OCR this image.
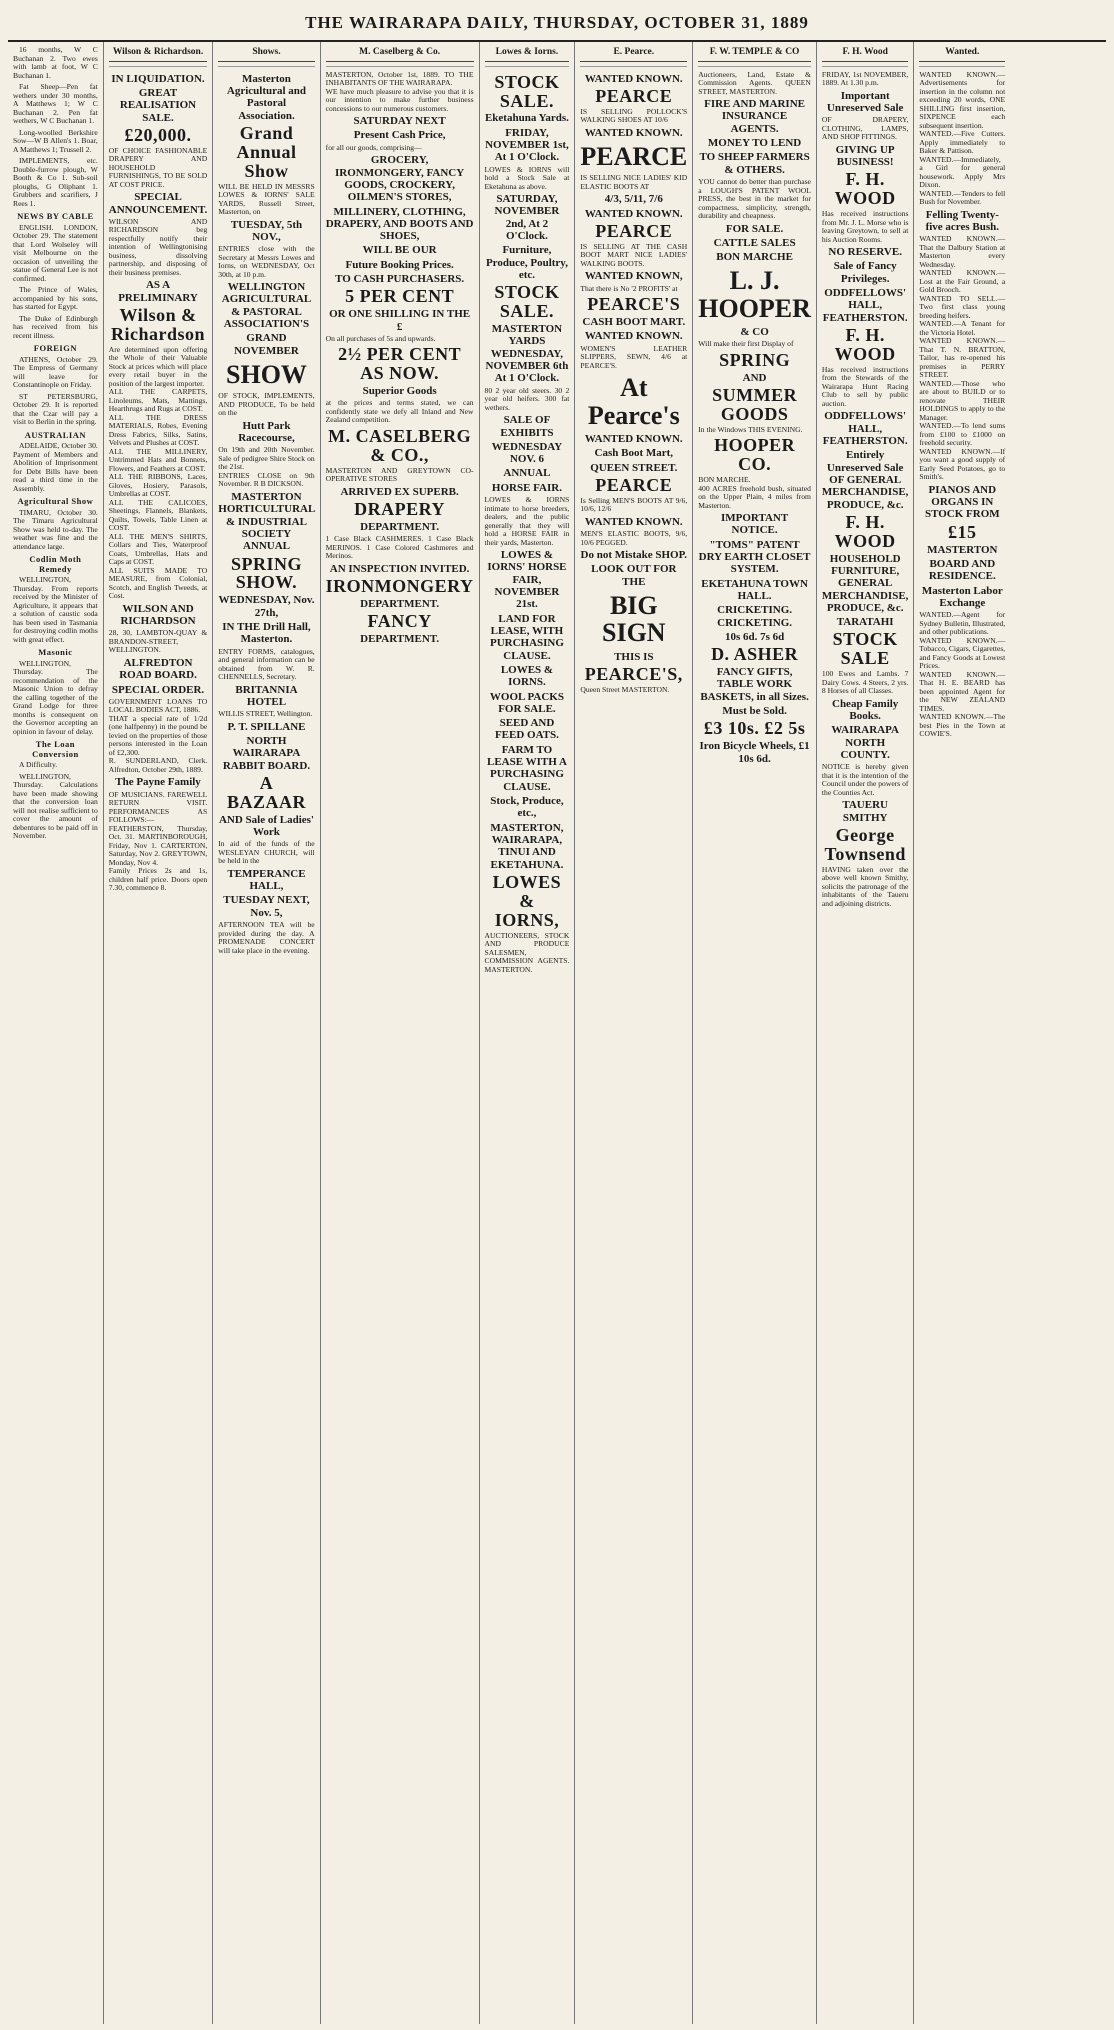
THE WAIRARAPA DAILY, THURSDAY, OCTOBER 31, 1889

16 months, W C Buchanan 2. Two ewes with lamb at foot, W C Buchanan 1.

Fat Sheep—Pen fat wethers under 30 months, A Matthews 1; W C Buchanan 2. Pen fat wethers, W C Buchanan 1.

Long-woolled Berkshire Sow—W B Allen's 1. Boar, A Matthews 1; Trussell 2.

IMPLEMENTS, etc. Double-furrow plough, W Booth & Co 1. Sub-soil ploughs, G Oliphant 1. Grubbers and scarifiers, J Rees 1.

NEWS BY CABLE

ENGLISH. LONDON, October 29. The statement that Lord Wolseley will visit Melbourne on the occasion of unveiling the statue of General Lee is not confirmed.

The Prince of Wales, accompanied by his sons, has started for Egypt.

The Duke of Edinburgh has received from his recent illness.

FOREIGN

ATHENS, October 29. The Empress of Germany will leave for Constantinople on Friday.

ST PETERSBURG, October 29. It is reported that the Czar will pay a visit to Berlin in the spring.

AUSTRALIAN

ADELAIDE, October 30. Payment of Members and Abolition of Imprisonment for Debt Bills have been read a third time in the Assembly.

Agricultural Show

TIMARU, October 30. The Timaru Agricultural Show was held to-day. The weather was fine and the attendance large.

Codlin Moth Remedy

WELLINGTON, Thursday. From reports received by the Minister of Agriculture, it appears that a solution of caustic soda has been used in Tasmania for destroying codlin moths with great effect.

Masonic

WELLINGTON, Thursday. The recommendation of the Masonic Union to defray the calling together of the Grand Lodge for three months is consequent on the Governor accepting an opinion in favour of delay.

The Loan Conversion

A Difficulty.

WELLINGTON, Thursday. Calculations have been made showing that the conversion loan will not realise sufficient to cover the amount of debentures to be paid off in November.

Wilson & Richardson.
IN LIQUIDATION.
GREAT REALISATION SALE.
£20,000.
OF CHOICE FASHIONABLE DRAPERY AND HOUSEHOLD FURNISHINGS, TO BE SOLD AT COST PRICE.
SPECIAL ANNOUNCEMENT.
WILSON AND RICHARDSON beg respectfully notify their intention of Wellingtonising business, dissolving partnership, and disposing of their business premises.
AS A PRELIMINARY
Wilson & Richardson
Are determined upon offering the Whole of their Valuable Stock at prices which will place every retail buyer in the position of the largest importer.
ALL THE CARPETS, Linoleums, Mats, Mattings, Hearthrugs and Rugs at COST.
ALL THE DRESS MATERIALS, Robes, Evening Dress Fabrics, Silks, Satins, Velvets and Plushes at COST.
ALL THE MILLINERY, Untrimmed Hats and Bonnets, Flowers, and Feathers at COST.
ALL THE RIBBONS, Laces, Gloves, Hosiery, Parasols, Umbrellas at COST.
ALL THE CALICOES, Sheetings, Flannels, Blankets, Quilts, Towels, Table Linen at COST.
ALL THE MEN'S SHIRTS, Collars and Ties, Waterproof Coats, Umbrellas, Hats and Caps at COST.
ALL SUITS MADE TO MEASURE, from Colonial, Scotch, and English Tweeds, at Cost.
WILSON AND RICHARDSON
28, 30, LAMBTON-QUAY & BRANDON-STREET, WELLINGTON.
ALFREDTON ROAD BOARD.
SPECIAL ORDER.
GOVERNMENT LOANS TO LOCAL BODIES ACT, 1886.
THAT a special rate of 1/2d (one halfpenny) in the pound be levied on the properties of those persons interested in the Loan of £2,300.
R. SUNDERLAND, Clerk. Alfredton, October 29th, 1889.
The Payne Family
OF MUSICIANS. FAREWELL RETURN VISIT. PERFORMANCES AS FOLLOWS:— FEATHERSTON, Thursday, Oct. 31. MARTINBOROUGH, Friday, Nov 1. CARTERTON, Saturday, Nov 2. GREYTOWN, Monday, Nov 4.
Family Prices 2s and 1s, children half price. Doors open 7.30, commence 8.
Shows.
Masterton Agricultural and Pastoral Association.
Grand Annual Show
WILL BE HELD IN MESSRS LOWES & IORNS' SALE YARDS, Russell Street, Masterton, on
TUESDAY, 5th NOV.,
ENTRIES close with the Secretary at Messrs Lowes and Iorns, on WEDNESDAY, Oct 30th, at 10 p.m.
WELLINGTON AGRICULTURAL & PASTORAL ASSOCIATION'S
GRAND NOVEMBER
SHOW
OF STOCK, IMPLEMENTS, AND PRODUCE, To be held on the
Hutt Park Racecourse,
On 19th and 20th November. Sale of pedigree Shire Stock on the 21st.
ENTRIES CLOSE on 9th November. R B DICKSON.
MASTERTON HORTICULTURAL & INDUSTRIAL SOCIETY ANNUAL
SPRING SHOW.
WEDNESDAY, Nov. 27th,
IN THE Drill Hall, Masterton.
ENTRY FORMS, catalogues, and general information can be obtained from W. R. CHENNELLS, Secretary.
BRITANNIA HOTEL
WILLIS STREET, Wellington.
P. T. SPILLANE
NORTH WAIRARAPA RABBIT BOARD.
A BAZAAR
AND Sale of Ladies' Work
In aid of the funds of the WESLEYAN CHURCH, will be held in the
TEMPERANCE HALL,
TUESDAY NEXT, Nov. 5,
AFTERNOON TEA will be provided during the day. A PROMENADE CONCERT will take place in the evening.
M. Caselberg & Co.
MASTERTON, October 1st, 1889. TO THE INHABITANTS OF THE WAIRARAPA.
WE have much pleasure to advise you that it is our intention to make further business concessions to our numerous customers.
SATURDAY NEXT
Present Cash Price,
for all our goods, comprising—
GROCERY, IRONMONGERY, FANCY GOODS, CROCKERY, OILMEN'S STORES,
MILLINERY, CLOTHING, DRAPERY, AND BOOTS AND SHOES,
WILL BE OUR
Future Booking Prices.
TO CASH PURCHASERS.
5 PER CENT
OR ONE SHILLING IN THE £
On all purchases of 5s and upwards.
2½ PER CENT AS NOW.
Superior Goods
at the prices and terms stated, we can confidently state we defy all Inland and New Zealand competition.
M. CASELBERG & CO.,
MASTERTON AND GREYTOWN CO-OPERATIVE STORES
ARRIVED EX SUPERB.
DRAPERY
DEPARTMENT.
1 Case Black CASHMERES. 1 Case Black MERINOS. 1 Case Colored Cashmeres and Merinos.
AN INSPECTION INVITED.
IRONMONGERY
DEPARTMENT.
FANCY
DEPARTMENT.
Lowes & Iorns.
STOCK SALE.
Eketahuna Yards.
FRIDAY, NOVEMBER 1st, At 1 O'Clock.
LOWES & IORNS will hold a Stock Sale at Eketahuna as above.
SATURDAY, NOVEMBER 2nd, At 2 O'Clock.
Furniture, Produce, Poultry, etc.
STOCK SALE.
MASTERTON YARDS WEDNESDAY, NOVEMBER 6th At 1 O'Clock.
80 2 year old steers. 30 2 year old heifers. 300 fat wethers.
SALE OF EXHIBITS
WEDNESDAY NOV. 6
ANNUAL
HORSE FAIR.
LOWES & IORNS intimate to horse breeders, dealers, and the public generally that they will hold a HORSE FAIR in their yards, Masterton.
LOWES & IORNS' HORSE FAIR, NOVEMBER 21st.
LAND FOR LEASE, WITH PURCHASING CLAUSE.
LOWES & IORNS.
WOOL PACKS FOR SALE.
SEED AND FEED OATS.
FARM TO LEASE WITH A PURCHASING CLAUSE.
Stock, Produce, etc.,
MASTERTON, WAIRARAPA, TINUI AND EKETAHUNA.
LOWES & IORNS,
AUCTIONEERS, STOCK AND PRODUCE SALESMEN, COMMISSION AGENTS. MASTERTON.
E. Pearce.
WANTED KNOWN.
PEARCE
IS SELLING POLLOCK'S WALKING SHOES AT 10/6
WANTED KNOWN.
PEARCE
IS SELLING NICE LADIES' KID ELASTIC BOOTS AT
4/3, 5/11, 7/6
WANTED KNOWN.
PEARCE
IS SELLING AT THE CASH BOOT MART NICE LADIES' WALKING BOOTS.
WANTED KNOWN,
That there is No '2 PROFITS' at
PEARCE'S
CASH BOOT MART.
WANTED KNOWN.
WOMEN'S LEATHER SLIPPERS, SEWN, 4/6 at PEARCE'S.
At Pearce's
WANTED KNOWN.
Cash Boot Mart,
QUEEN STREET.
PEARCE
Is Selling MEN'S BOOTS AT 9/6, 10/6, 12/6
WANTED KNOWN.
MEN'S ELASTIC BOOTS, 9/6, 10/6 PEGGED.
Do not Mistake SHOP.
LOOK OUT FOR THE
BIG SIGN
THIS IS
PEARCE'S,
Queen Street MASTERTON.
F. W. TEMPLE & CO
Auctioneers, Land, Estate & Commission Agents. QUEEN STREET, MASTERTON.
FIRE AND MARINE INSURANCE AGENTS.
MONEY TO LEND
TO SHEEP FARMERS & OTHERS.
YOU cannot do better than purchase a LOUGH'S PATENT WOOL PRESS, the best in the market for compactness, simplicity, strength, durability and cheapness.
FOR SALE.
CATTLE SALES
BON MARCHE
L. J. HOOPER
& CO
Will make their first Display of
SPRING
AND
SUMMER GOODS
In the Windows THIS EVENING.
HOOPER CO.
BON MARCHE.
400 ACRES freehold bush, situated on the Upper Plain, 4 miles from Masterton.
IMPORTANT NOTICE.
"TOMS" PATENT DRY EARTH CLOSET SYSTEM.
EKETAHUNA TOWN HALL.
CRICKETING. CRICKETING.
10s 6d. 7s 6d
D. ASHER
FANCY GIFTS, TABLE WORK BASKETS, in all Sizes.
Must be Sold.
£3 10s. £2 5s
Iron Bicycle Wheels, £1 10s 6d.
F. H. Wood
FRIDAY, 1st NOVEMBER, 1889. At 1.30 p.m.
Important Unreserved Sale
OF DRAPERY, CLOTHING, LAMPS, AND SHOP FITTINGS.
GIVING UP BUSINESS!
F. H. WOOD
Has received instructions from Mr. J. L. Morse who is leaving Greytown, to sell at his Auction Rooms.
NO RESERVE.
Sale of Fancy Privileges.
ODDFELLOWS' HALL, FEATHERSTON.
F. H. WOOD
Has received instructions from the Stewards of the Wairarapa Hunt Racing Club to sell by public auction.
ODDFELLOWS' HALL, FEATHERSTON.
Entirely Unreserved Sale OF GENERAL MERCHANDISE, PRODUCE, &c.
F. H. WOOD
HOUSEHOLD FURNITURE, GENERAL MERCHANDISE, PRODUCE, &c.
TARATAHI
STOCK SALE
100 Ewes and Lambs. 7 Dairy Cows. 4 Steers, 2 yrs. 8 Horses of all Classes.
Cheap Family Books.
WAIRARAPA NORTH COUNTY.
NOTICE is hereby given that it is the intention of the Council under the powers of the Counties Act.
TAUERU SMITHY
George Townsend
HAVING taken over the above well known Smithy, solicits the patronage of the inhabitants of the Taueru and adjoining districts.
Wanted.
WANTED KNOWN.—Advertisements for insertion in the column not exceeding 20 words, ONE SHILLING first insertion, SIXPENCE each subsequent insertion.
WANTED.—Five Cutters. Apply immediately to Baker & Pattison.
WANTED.—Immediately, a Girl for general housework. Apply Mrs Dixon.
WANTED.—Tenders to fell Bush for November.
Felling Twenty-five acres Bush.
WANTED KNOWN.—That the Dalbury Station at Masterton every Wednesday.
WANTED KNOWN.—Lost at the Fair Ground, a Gold Brooch.
WANTED TO SELL.—Two first class young breeding heifers.
WANTED.—A Tenant for the Victoria Hotel.
WANTED KNOWN.—That T. N. BRATTON, Tailor, has re-opened his premises in PERRY STREET.
WANTED.—Those who are about to BUILD or to renovate THEIR HOLDINGS to apply to the Manager.
WANTED.—To lend sums from £100 to £1000 on freehold security.
WANTED KNOWN.—If you want a good supply of Early Seed Potatoes, go to Smith's.
PIANOS AND ORGANS IN STOCK FROM
£15
MASTERTON
BOARD AND RESIDENCE.
Masterton Labor Exchange
WANTED.—Agent for Sydney Bulletin, Illustrated, and other publications.
WANTED KNOWN.—Tobacco, Cigars, Cigarettes, and Fancy Goods at Lowest Prices.
WANTED KNOWN.—That H. E. BEARD has been appointed Agent for the NEW ZEALAND TIMES.
WANTED KNOWN.—The best Pies in the Town at COWIE'S.
